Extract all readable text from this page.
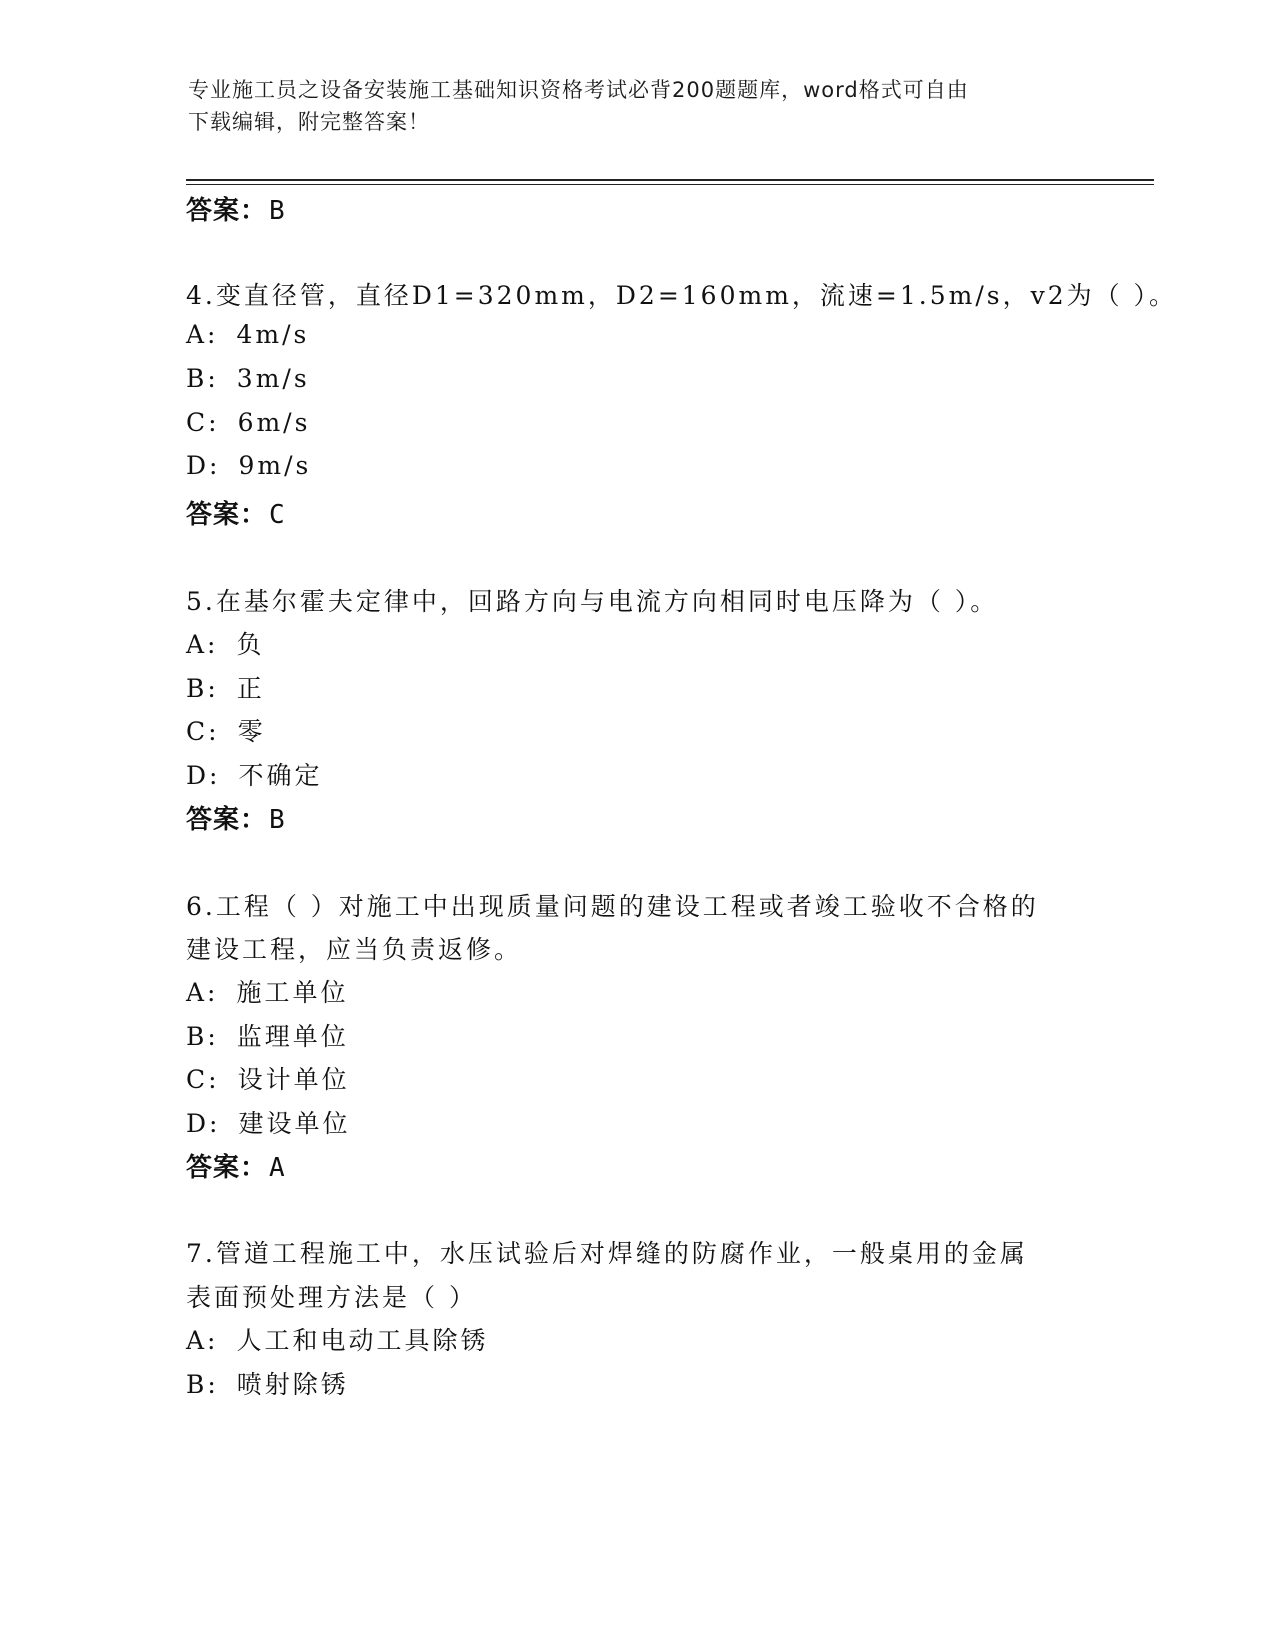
专业施工员之设备安装施工基础知识资格考试必背200题题库，word格式可自由
下载编辑，附完整答案！
答案：B
4.变直径管，直径D1=320mm，D2=160mm，流速=1.5m/s，v2为（ ）。
A: 4m/s
B: 3m/s
C: 6m/s
D: 9m/s
答案：C
5.在基尔霍夫定律中，回路方向与电流方向相同时电压降为（ ）。
A: 负
B: 正
C: 零
D: 不确定
答案：B
6.工程（ ）对施工中出现质量问题的建设工程或者竣工验收不合格的
建设工程，应当负责返修。
A: 施工单位
B: 监理单位
C: 设计单位
D: 建设单位
答案：A
7.管道工程施工中，水压试验后对焊缝的防腐作业，一般桌用的金属
表面预处理方法是（ ）
A: 人工和电动工具除锈
B: 喷射除锈
